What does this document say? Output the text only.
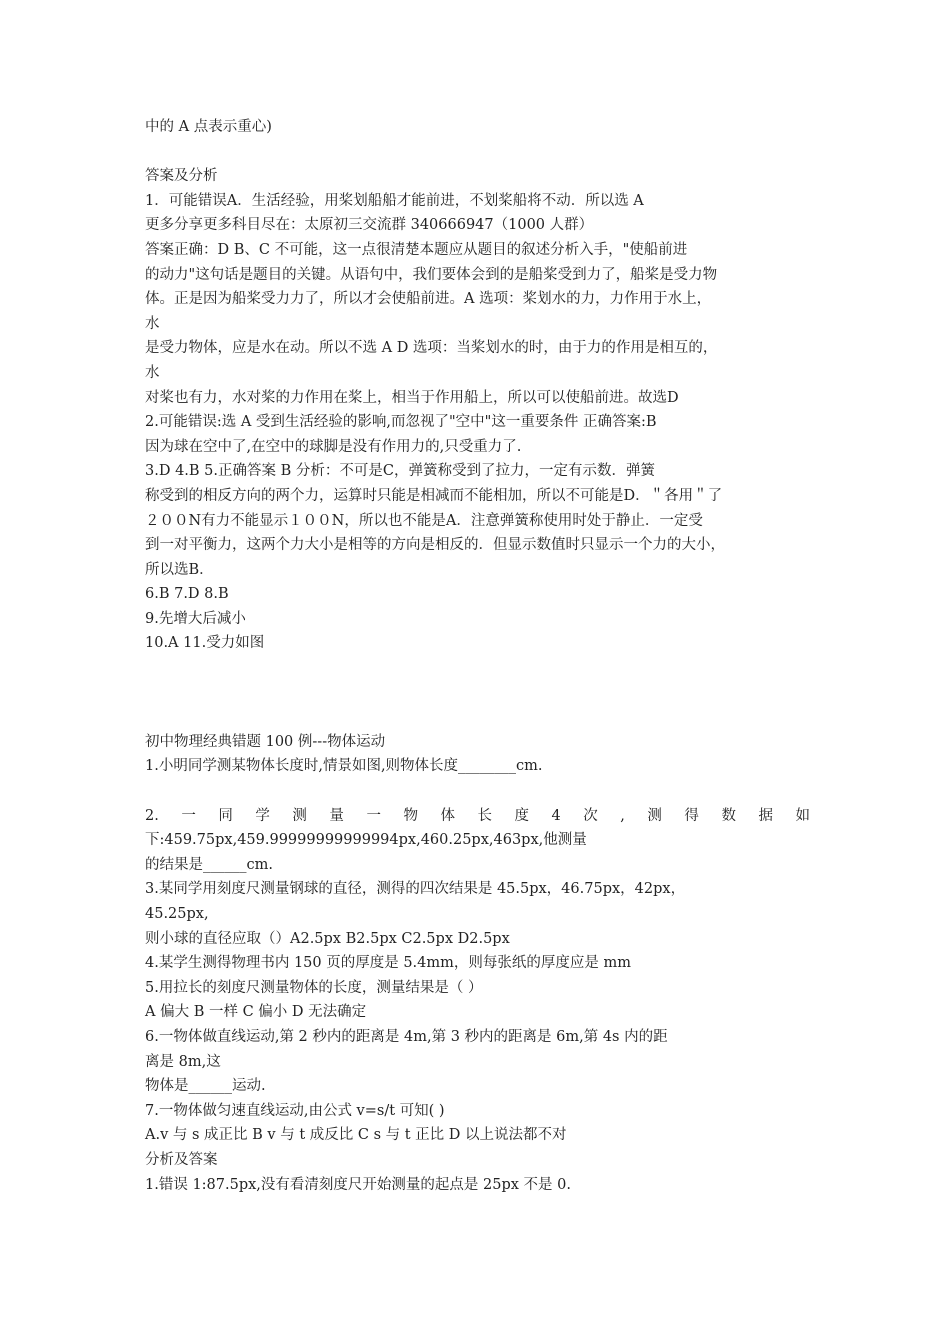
中的 A 点表示重心)
答案及分析
1．可能错误A．生活经验，用桨划船船才能前进，不划桨船将不动．所以选 A
更多分享更多科目尽在：太原初三交流群 340666947（1000 人群）
答案正确：D B、C 不可能，这一点很清楚本题应从题目的叙述分析入手，"使船前进
的动力"这句话是题目的关键。从语句中，我们要体会到的是船桨受到力了，船桨是受力物
体。正是因为船桨受力力了，所以才会使船前进。A 选项：桨划水的力，力作用于水上，
水
是受力物体，应是水在动。所以不选 A D 选项：当桨划水的时，由于力的作用是相互的，
水
对桨也有力，水对桨的力作用在桨上，相当于作用船上，所以可以使船前进。故选D
2.可能错误:选 A 受到生活经验的影响,而忽视了"空中"这一重要条件 正确答案:B
因为球在空中了,在空中的球脚是没有作用力的,只受重力了.
3.D 4.B 5.正确答案 B 分析：不可是C，弹簧称受到了拉力，一定有示数．弹簧
称受到的相反方向的两个力，运算时只能是相减而不能相加，所以不可能是D．＂各用＂了
２００N有力不能显示１００N，所以也不能是A．注意弹簧称使用时处于静止．一定受
到一对平衡力，这两个力大小是相等的方向是相反的．但显示数值时只显示一个力的大小，
所以选B．
6.B 7.D 8.B
9.先增大后减小
10.A 11.受力如图
初中物理经典错题 100 例---物体运动
1.小明同学测某物体长度时,情景如图,则物体长度________cm.
2. 一 同 学 测 量 一 物 体 长 度 4 次 , 测 得 数 据 如
下:459.75px,459.99999999999994px,460.25px,463px,他测量
的结果是______cm.
3.某同学用刻度尺测量钢球的直径，测得的四次结果是 45.5px，46.75px，42px，
45.25px,
则小球的直径应取（）A2.5px B2.5px C2.5px D2.5px
4.某学生测得物理书内 150 页的厚度是 5.4mm，则每张纸的厚度应是 mm
5.用拉长的刻度尺测量物体的长度，测量结果是（ ）
A 偏大 B 一样 C 偏小 D 无法确定
6.一物体做直线运动,第 2 秒内的距离是 4m,第 3 秒内的距离是 6m,第 4s 内的距
离是 8m,这
物体是______运动.
7.一物体做匀速直线运动,由公式 v=s/t 可知( )
A.v 与 s 成正比 B v 与 t 成反比 C s 与 t 正比 D 以上说法都不对
分析及答案
1.错误 1:87.5px,没有看清刻度尺开始测量的起点是 25px 不是 0.
